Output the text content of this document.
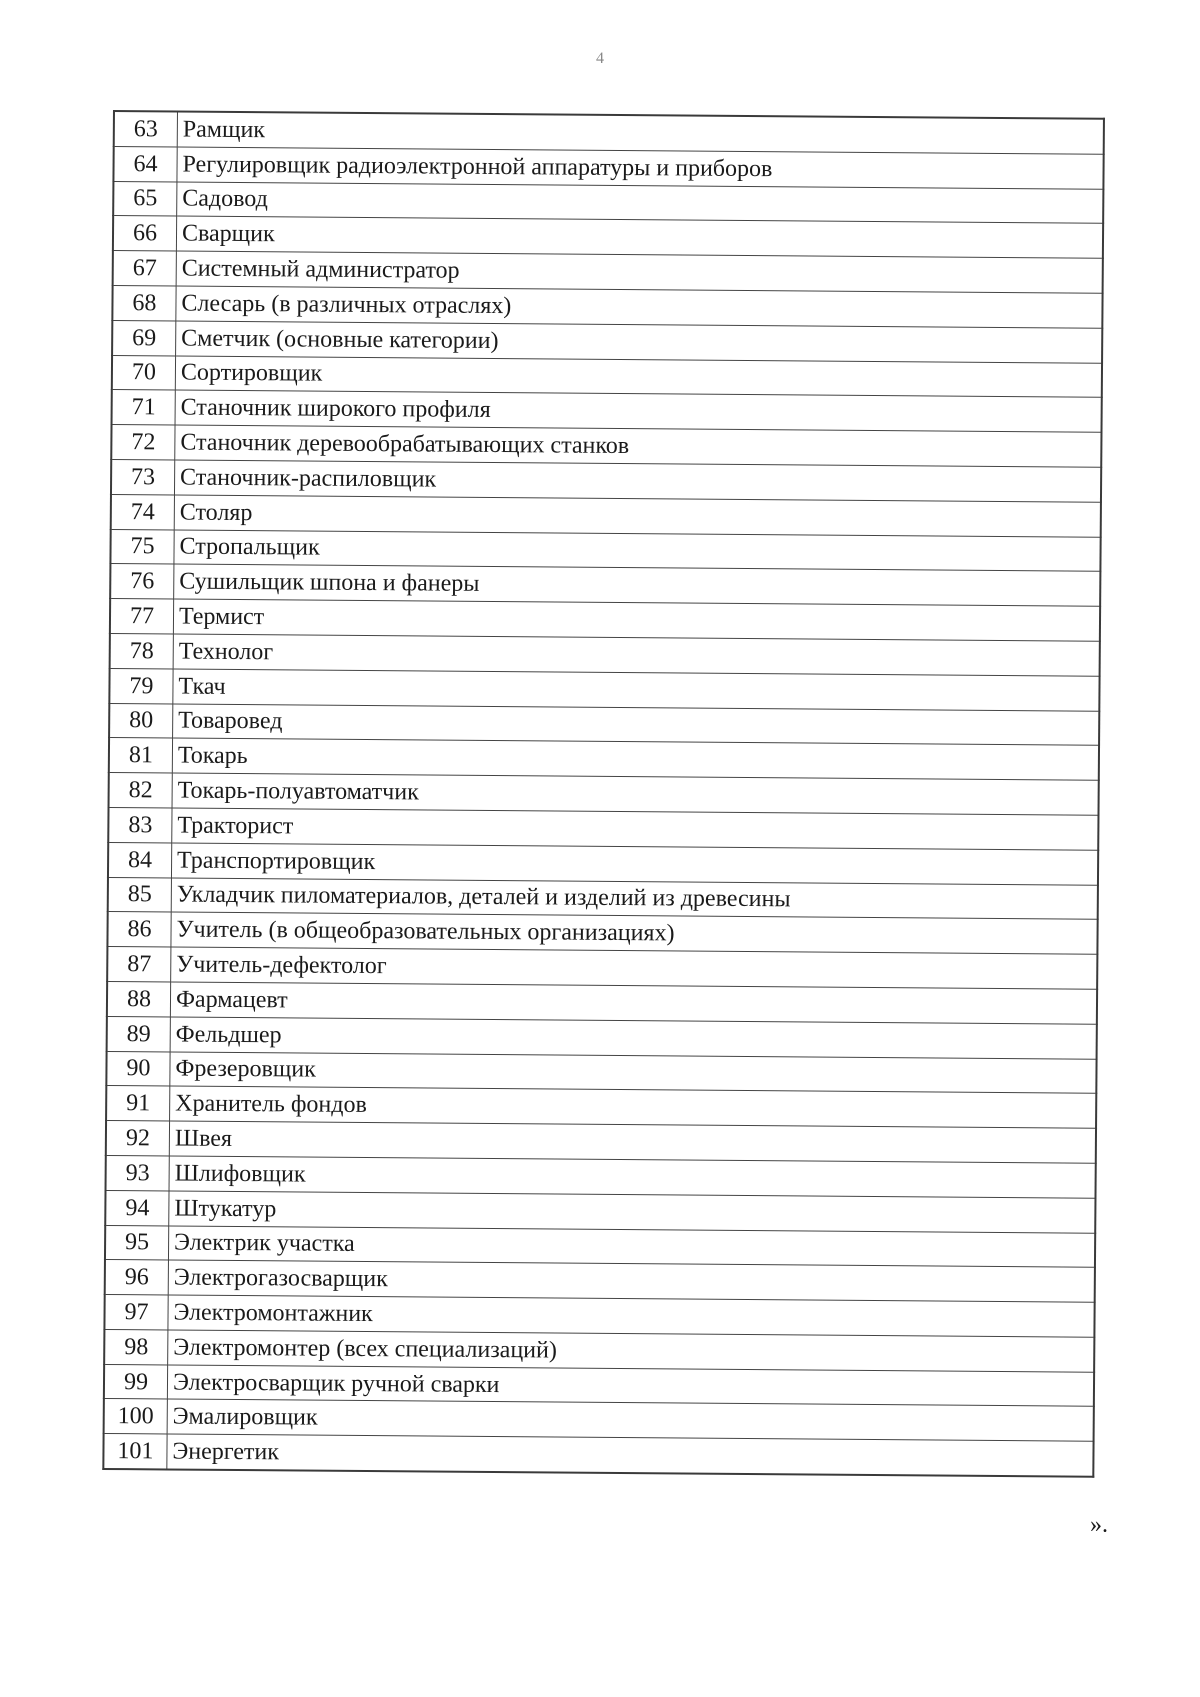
4
63	Рамщик
64	Регулировщик радиоэлектронной аппаратуры и приборов
65	Садовод
66	Сварщик
67	Системный администратор
68	Слесарь (в различных отраслях)
69	Сметчик (основные категории)
70	Сортировщик
71	Станочник широкого профиля
72	Станочник деревообрабатывающих станков
73	Станочник-распиловщик
74	Столяр
75	Стропальщик
76	Сушильщик шпона и фанеры
77	Термист
78	Технолог
79	Ткач
80	Товаровед
81	Токарь
82	Токарь-полуавтоматчик
83	Тракторист
84	Транспортировщик
85	Укладчик пиломатериалов, деталей и изделий из древесины
86	Учитель (в общеобразовательных организациях)
87	Учитель-дефектолог
88	Фармацевт
89	Фельдшер
90	Фрезеровщик
91	Хранитель фондов
92	Швея
93	Шлифовщик
94	Штукатур
95	Электрик участка
96	Электрогазосварщик
97	Электромонтажник
98	Электромонтер (всех специализаций)
99	Электросварщик ручной сварки
100	Эмалировщик
101	Энергетик
».
